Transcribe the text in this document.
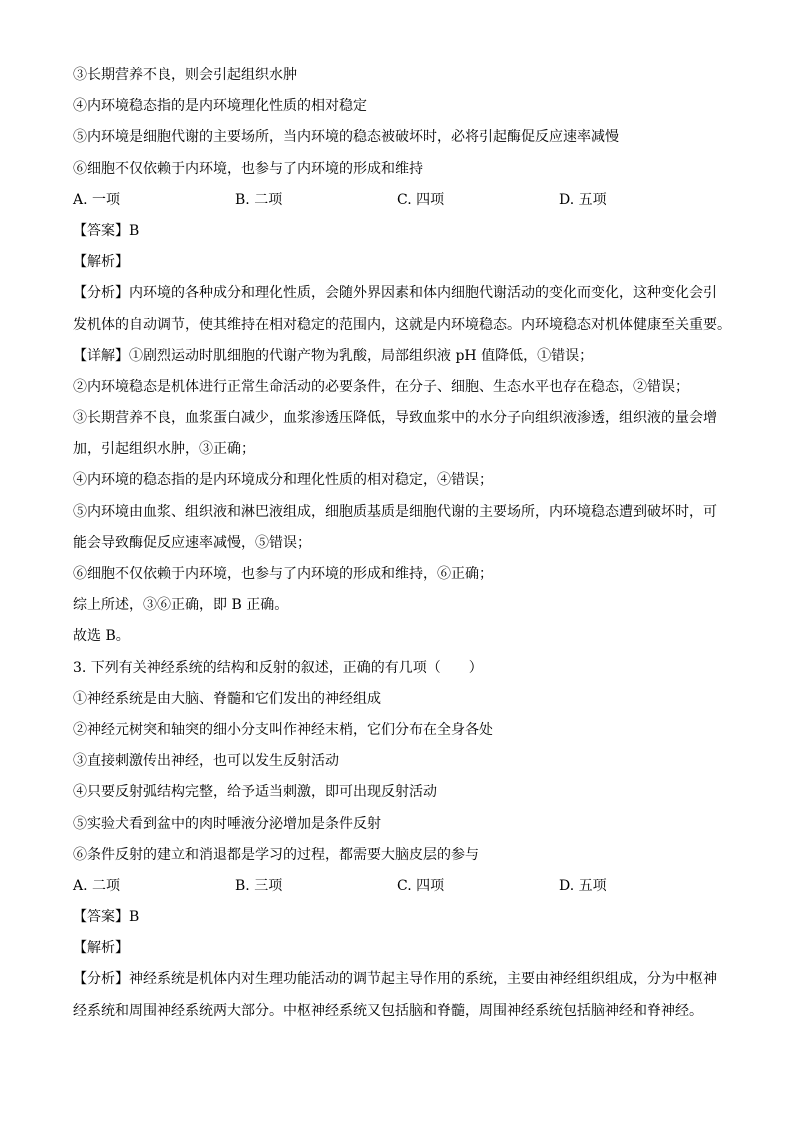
③长期营养不良，则会引起组织水肿
④内环境稳态指的是内环境理化性质的相对稳定
⑤内环境是细胞代谢的主要场所，当内环境的稳态被破坏时，必将引起酶促反应速率减慢
⑥细胞不仅依赖于内环境，也参与了内环境的形成和维持
A. 一项	B. 二项	C. 四项	D. 五项
【答案】B
【解析】
【分析】内环境的各种成分和理化性质，会随外界因素和体内细胞代谢活动的变化而变化，这种变化会引
发机体的自动调节，使其维持在相对稳定的范围内，这就是内环境稳态。内环境稳态对机体健康至关重要。
【详解】①剧烈运动时肌细胞的代谢产物为乳酸，局部组织液 pH 值降低，①错误；
②内环境稳态是机体进行正常生命活动的必要条件，在分子、细胞、生态水平也存在稳态，②错误；
③长期营养不良，血浆蛋白减少，血浆渗透压降低，导致血浆中的水分子向组织液渗透，组织液的量会增
加，引起组织水肿，③正确；
④内环境的稳态指的是内环境成分和理化性质的相对稳定，④错误；
⑤内环境由血浆、组织液和淋巴液组成，细胞质基质是细胞代谢的主要场所，内环境稳态遭到破坏时，可
能会导致酶促反应速率减慢，⑤错误；
⑥细胞不仅依赖于内环境，也参与了内环境的形成和维持，⑥正确；
综上所述，③⑥正确，即 B 正确。
故选 B。
3. 下列有关神经系统的结构和反射的叙述，正确的有几项（　　）
①神经系统是由大脑、脊髓和它们发出的神经组成
②神经元树突和轴突的细小分支叫作神经末梢，它们分布在全身各处
③直接刺激传出神经，也可以发生反射活动
④只要反射弧结构完整，给予适当刺激，即可出现反射活动
⑤实验犬看到盆中的肉时唾液分泌增加是条件反射
⑥条件反射的建立和消退都是学习的过程，都需要大脑皮层的参与
A. 二项	B. 三项	C. 四项	D. 五项
【答案】B
【解析】
【分析】神经系统是机体内对生理功能活动的调节起主导作用的系统，主要由神经组织组成，分为中枢神
经系统和周围神经系统两大部分。中枢神经系统又包括脑和脊髓，周围神经系统包括脑神经和脊神经。
